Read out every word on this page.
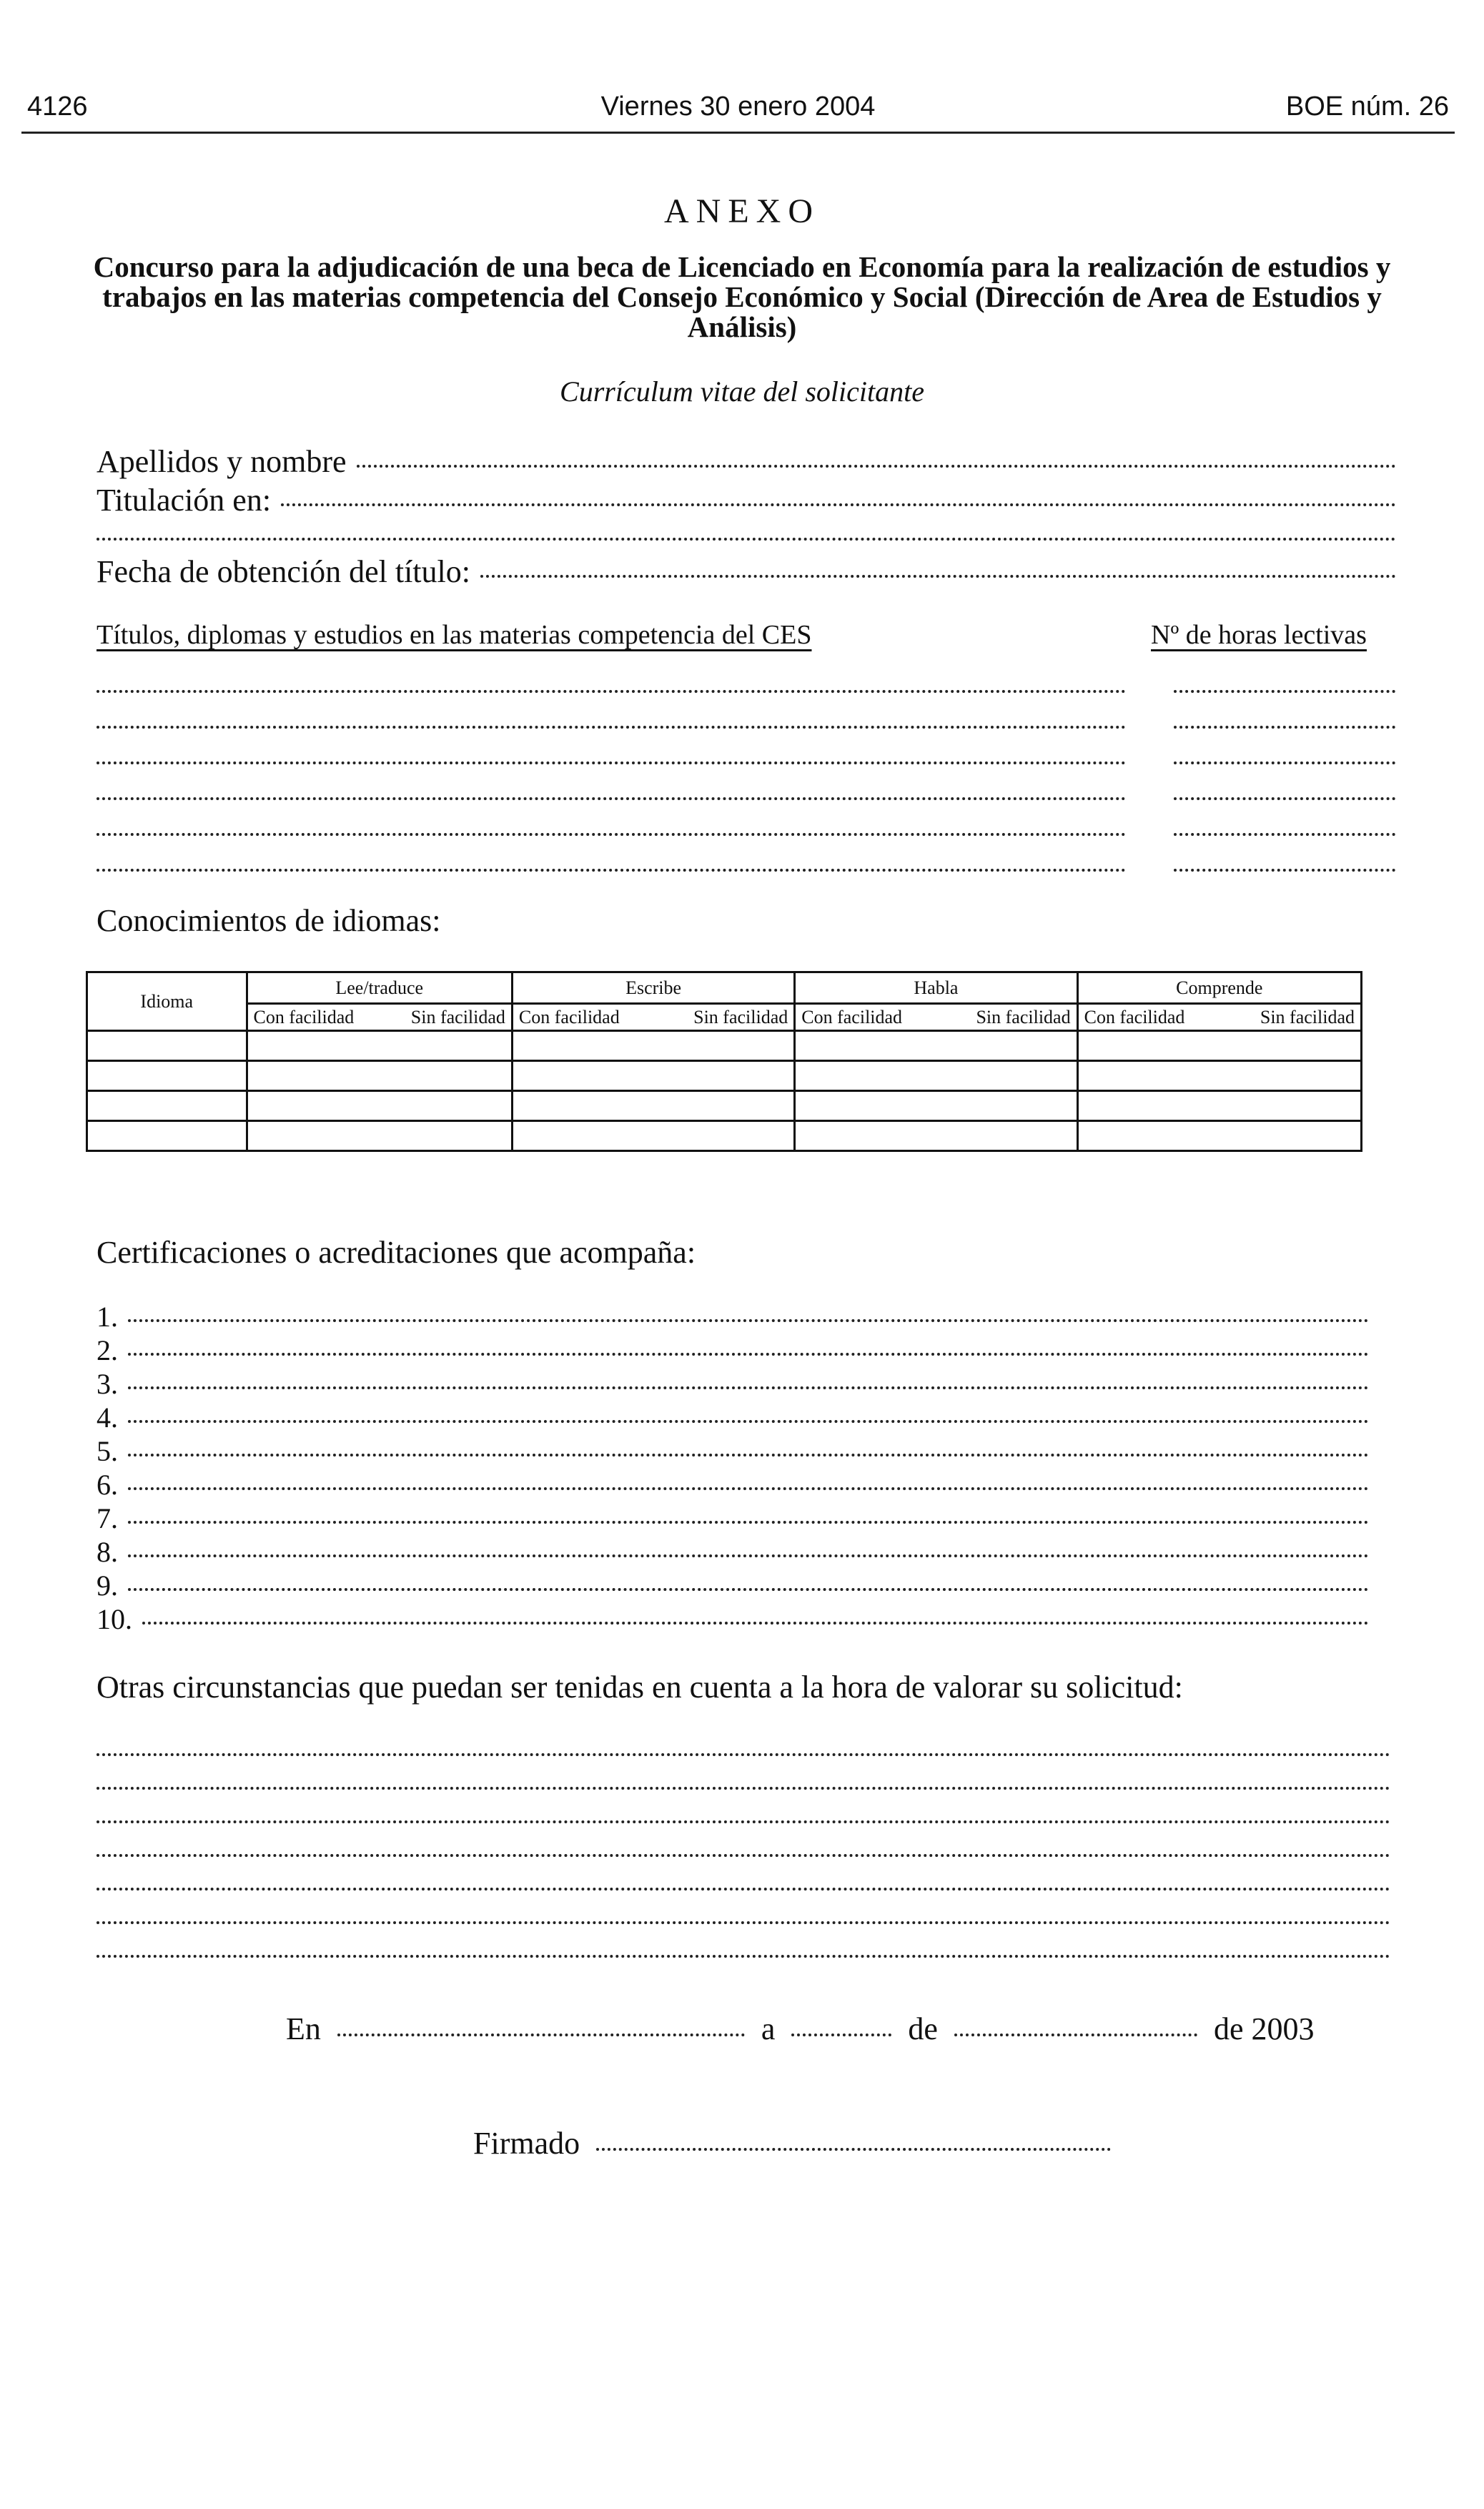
4126	Viernes 30 enero 2004	BOE núm. 26
ANEXO
Concurso para la adjudicación de una beca de Licenciado en Economía para la realización de estudios y trabajos en las materias competencia del Consejo Económico y Social (Dirección de Area de Estudios y Análisis)
Currículum vitae del solicitante
Apellidos y nombre
Titulación en:
Fecha de obtención del título:
Títulos, diplomas y estudios en las materias competencia del CES	Nº de horas lectivas
Conocimientos de idiomas:
Idioma	Lee/traduce	Escribe	Habla	Comprende

	Con facilidad Sin facilidad	Con facilidad Sin facilidad	Con facilidad Sin facilidad	Con facilidad Sin facilidad

Certificaciones o acreditaciones que acompaña:
1.
2.
3.
4.
5.
6.
7.
8.
9.
10.
Otras circunstancias que puedan ser tenidas en cuenta a la hora de valorar su solicitud:
En	a	de	de 2003
Firmado
